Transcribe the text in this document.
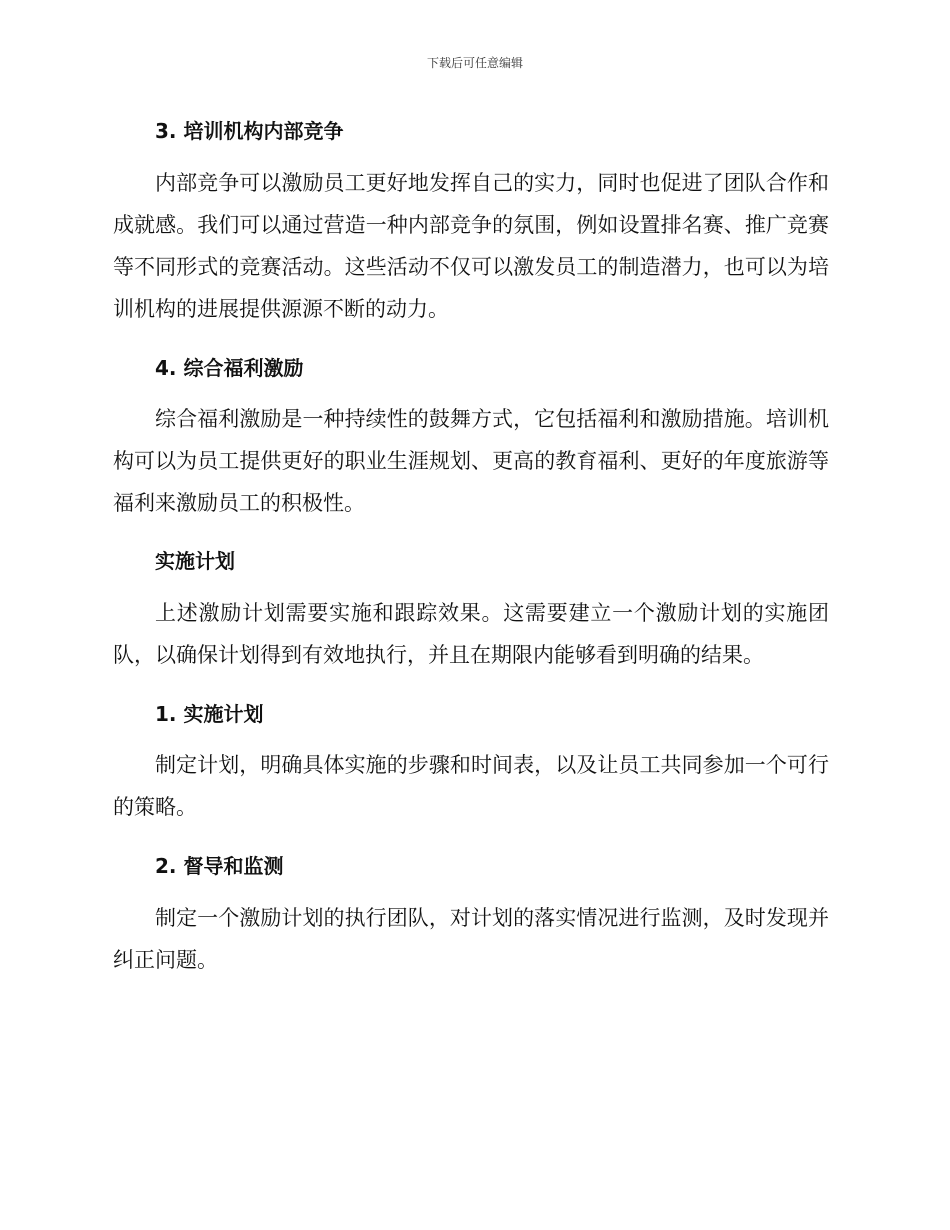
下载后可任意编辑
3. 培训机构内部竞争
内部竞争可以激励员工更好地发挥自己的实力，同时也促进了团队合作和成就感。我们可以通过营造一种内部竞争的氛围，例如设置排名赛、推广竞赛等不同形式的竞赛活动。这些活动不仅可以激发员工的制造潜力，也可以为培训机构的进展提供源源不断的动力。
4. 综合福利激励
综合福利激励是一种持续性的鼓舞方式，它包括福利和激励措施。培训机构可以为员工提供更好的职业生涯规划、更高的教育福利、更好的年度旅游等福利来激励员工的积极性。
实施计划
上述激励计划需要实施和跟踪效果。这需要建立一个激励计划的实施团队，以确保计划得到有效地执行，并且在期限内能够看到明确的结果。
1. 实施计划
制定计划，明确具体实施的步骤和时间表，以及让员工共同参加一个可行的策略。
2. 督导和监测
制定一个激励计划的执行团队，对计划的落实情况进行监测，及时发现并纠正问题。
